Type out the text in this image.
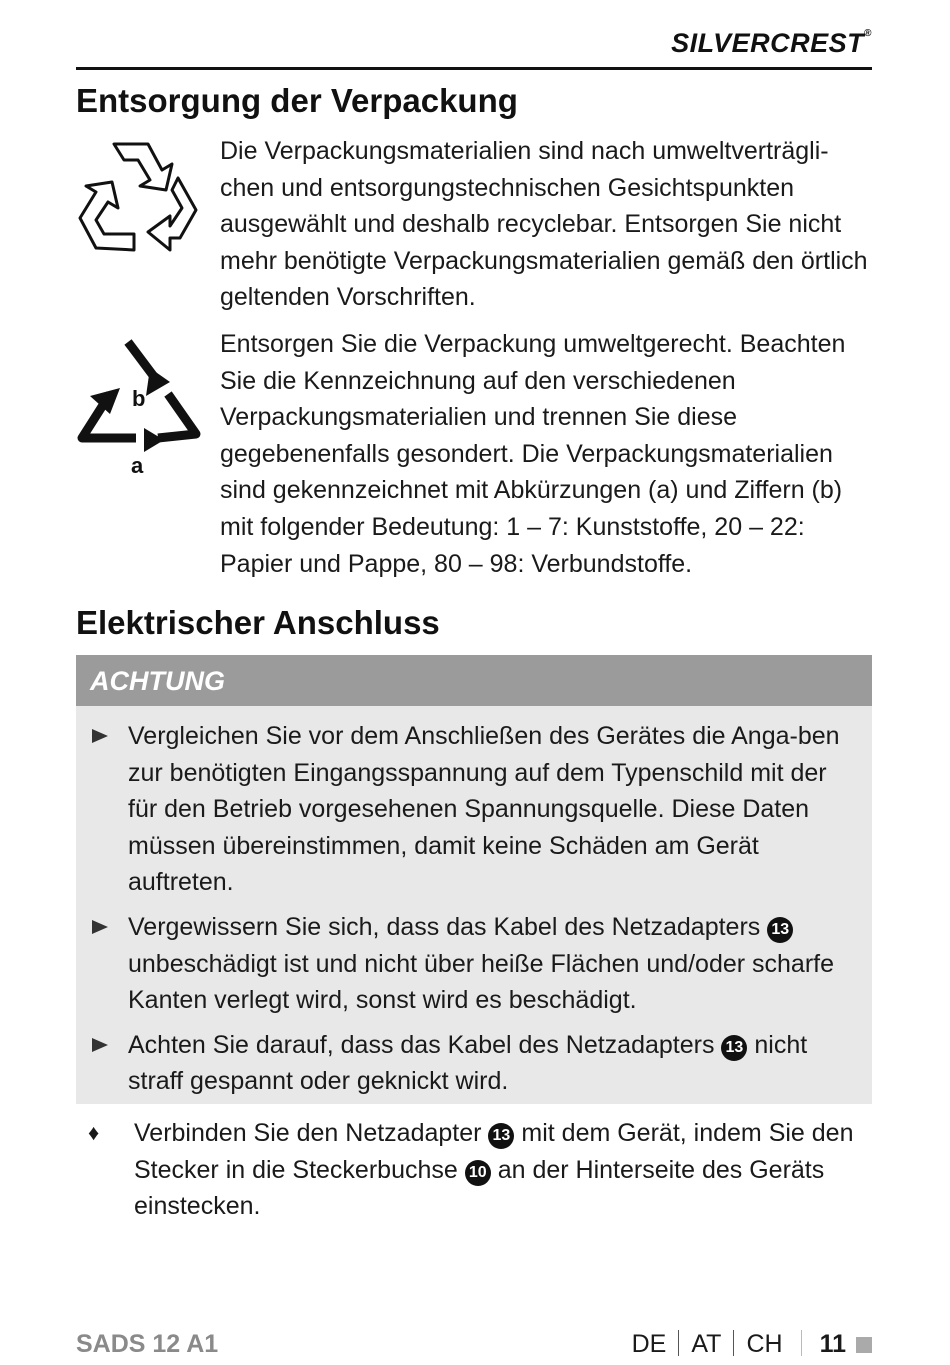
SILVERCREST®
Entsorgung der Verpackung

Die Verpackungsmaterialien sind nach umweltverträgli-chen und entsorgungstechnischen Gesichtspunkten ausgewählt und deshalb recyclebar. Entsorgen Sie nicht mehr benötigte Verpackungsmaterialien gemäß den örtlich geltenden Vorschriften.

b
a

Entsorgen Sie die Verpackung umweltgerecht. Beachten Sie die Kennzeichnung auf den verschiedenen Verpackungsmaterialien und trennen Sie diese gegebenenfalls gesondert. Die Verpackungsmaterialien sind gekennzeichnet mit Abkürzungen (a) und Ziffern (b) mit folgender Bedeutung: 1 – 7: Kunststoffe, 20 – 22: Papier und Pappe, 80 – 98: Verbundstoffe.

Elektrischer Anschluss
ACHTUNG
Vergleichen Sie vor dem Anschließen des Gerätes die Anga-ben zur benötigten Eingangsspannung auf dem Typenschild mit der für den Betrieb vorgesehenen Spannungsquelle. Diese Daten müssen übereinstimmen, damit keine Schäden am Gerät auftreten.
Vergewissern Sie sich, dass das Kabel des Netzadapters 13 unbeschädigt ist und nicht über heiße Flächen und/oder scharfe Kanten verlegt wird, sonst wird es beschädigt.
Achten Sie darauf, dass das Kabel des Netzadapters 13 nicht straff gespannt oder geknickt wird.
♦ Verbinden Sie den Netzadapter 13 mit dem Gerät, indem Sie den Stecker in die Steckerbuchse 10 an der Hinterseite des Geräts einstecken.
SADS 12 A1	DE AT CH 11
